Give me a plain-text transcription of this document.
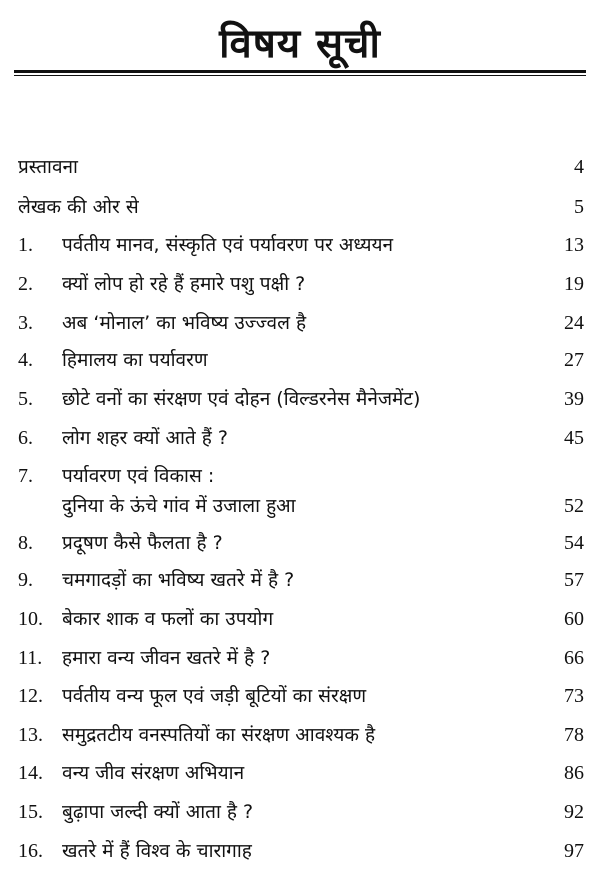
विषय सूची
प्रस्तावना	4
लेखक की ओर से	5
1. पर्वतीय मानव, संस्कृति एवं पर्यावरण पर अध्ययन	13
2. क्यों लोप हो रहे हैं हमारे पशु पक्षी ?	19
3. अब ‘मोनाल’ का भविष्य उज्ज्वल है	24
4. हिमालय का पर्यावरण	27
5. छोटे वनों का संरक्षण एवं दोहन (विल्डरनेस मैनेजमेंट)	39
6. लोग शहर क्यों आते हैं ?	45
7. पर्यावरण एवं विकास :
दुनिया के ऊंचे गांव में उजाला हुआ	52
8. प्रदूषण कैसे फैलता है ?	54
9. चमगादड़ों का भविष्य खतरे में है ?	57
10. बेकार शाक व फलों का उपयोग	60
11. हमारा वन्य जीवन खतरे में है ?	66
12. पर्वतीय वन्य फूल एवं जड़ी बूटियों का संरक्षण	73
13. समुद्रतटीय वनस्पतियों का संरक्षण आवश्यक है	78
14. वन्य जीव संरक्षण अभियान	86
15. बुढ़ापा जल्दी क्यों आता है ?	92
16. खतरे में हैं विश्व के चारागाह	97
